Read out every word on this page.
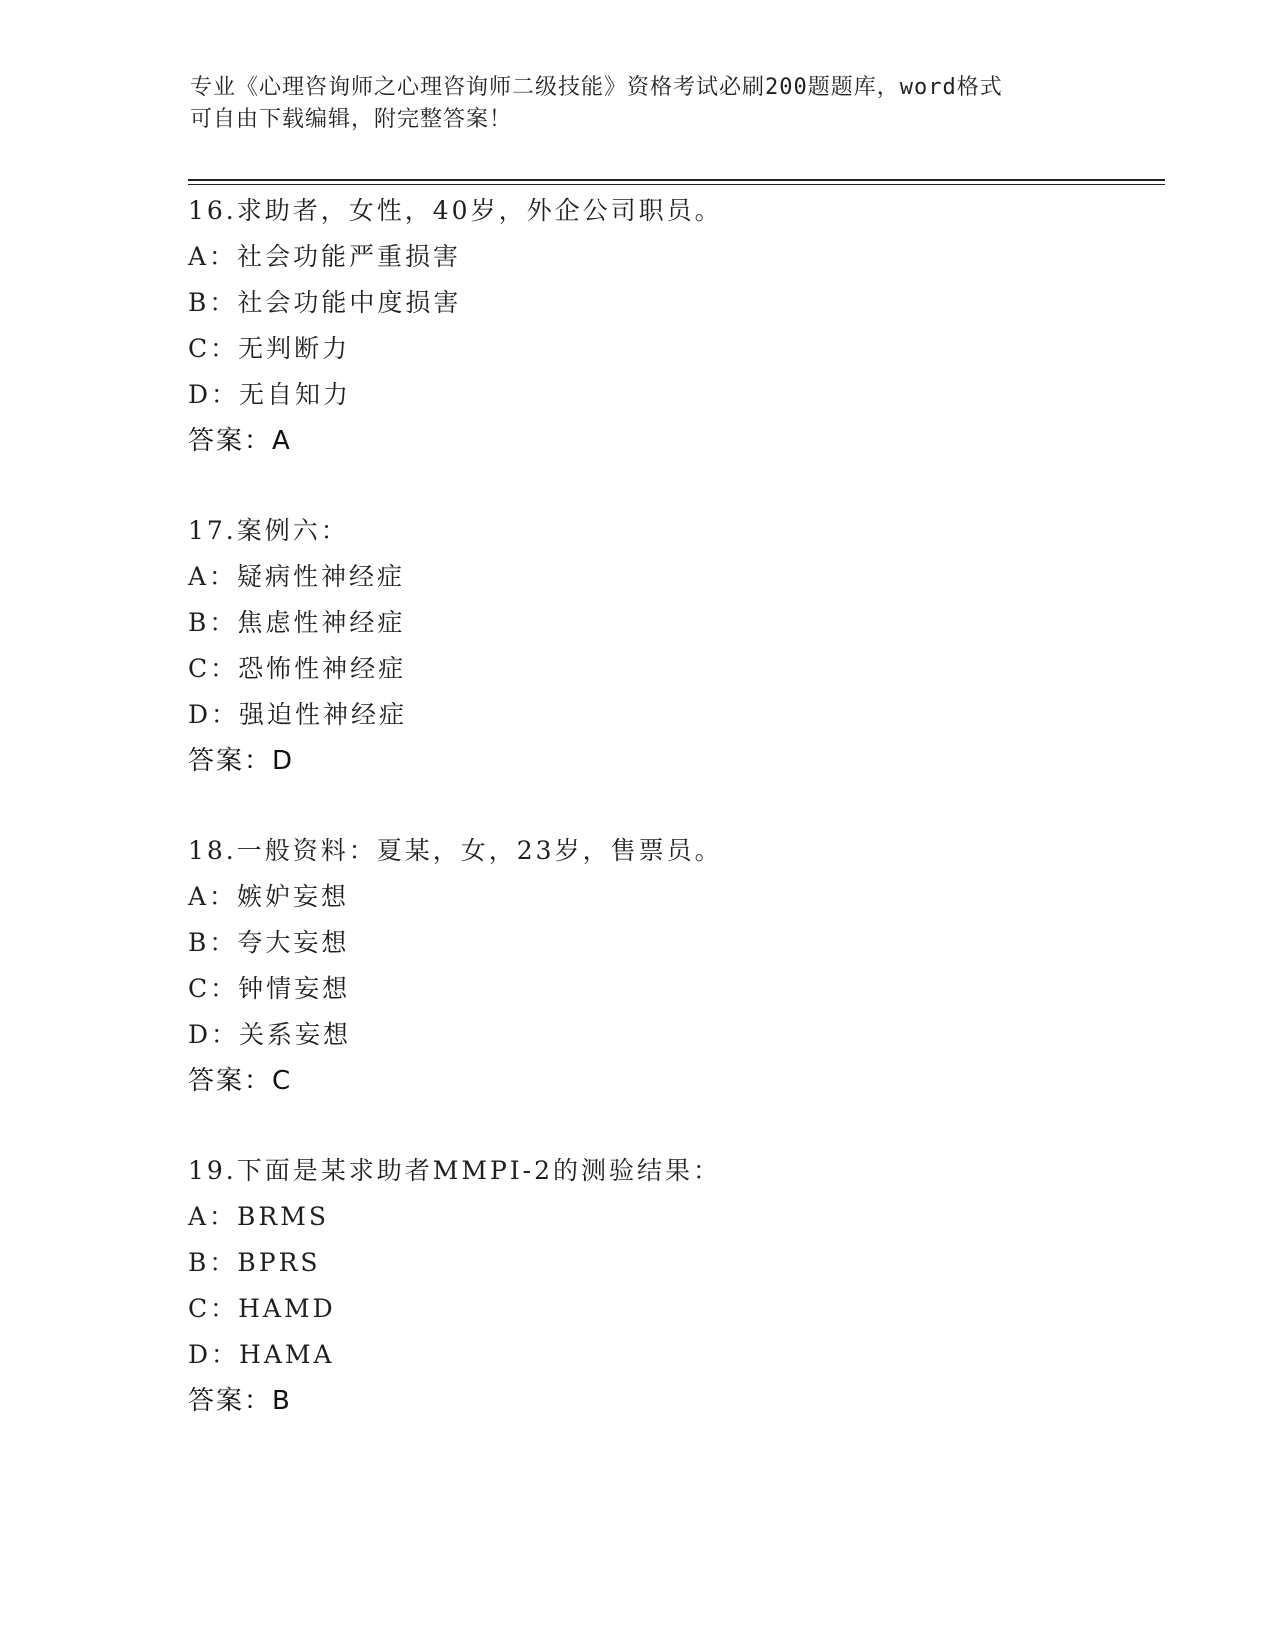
专业《心理咨询师之心理咨询师二级技能》资格考试必刷200题题库，word格式
可自由下载编辑，附完整答案！
16.求助者，女性，40岁，外企公司职员。
A：社会功能严重损害
B：社会功能中度损害
C：无判断力
D：无自知力
答案：A
17.案例六：
A：疑病性神经症
B：焦虑性神经症
C：恐怖性神经症
D：强迫性神经症
答案：D
18.一般资料：夏某，女，23岁，售票员。
A：嫉妒妄想
B：夸大妄想
C：钟情妄想
D：关系妄想
答案：C
19.下面是某求助者MMPI-2的测验结果：
A：BRMS
B：BPRS
C：HAMD
D：HAMA
答案：B
